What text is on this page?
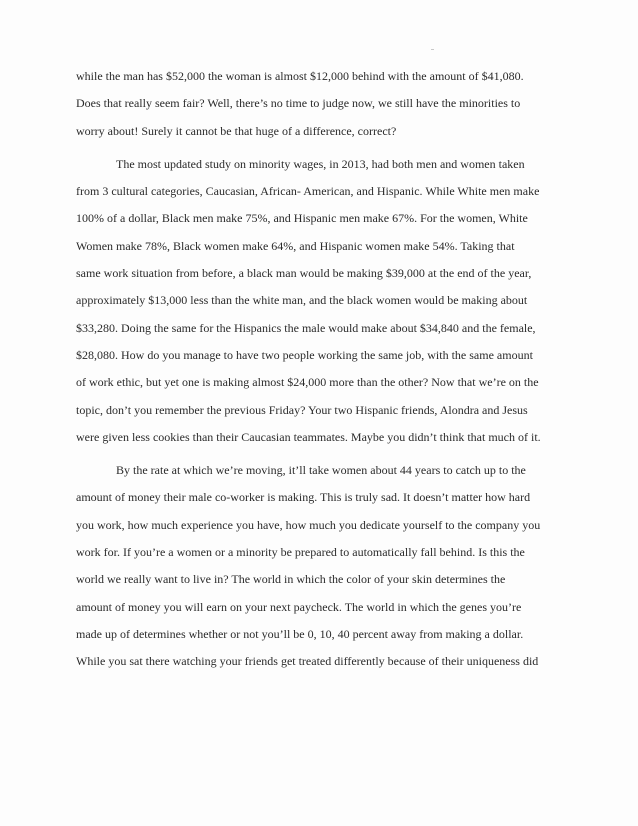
while the man has $52,000 the woman is almost $12,000 behind with the amount of $41,080.
Does that really seem fair? Well, there’s no time to judge now, we still have the minorities to
worry about! Surely it cannot be that huge of a difference, correct?
The most updated study on minority wages, in 2013, had both men and women taken
from 3 cultural categories, Caucasian, African- American, and Hispanic. While White men make
100% of a dollar, Black men make 75%, and Hispanic men make 67%. For the women, White
Women make 78%, Black women make 64%, and Hispanic women make 54%. Taking that
same work situation from before, a black man would be making $39,000 at the end of the year,
approximately $13,000 less than the white man, and the black women would be making about
$33,280. Doing the same for the Hispanics the male would make about $34,840 and the female,
$28,080. How do you manage to have two people working the same job, with the same amount
of work ethic, but yet one is making almost $24,000 more than the other? Now that we’re on the
topic, don’t you remember the previous Friday? Your two Hispanic friends, Alondra and Jesus
were given less cookies than their Caucasian teammates. Maybe you didn’t think that much of it.
By the rate at which we’re moving, it’ll take women about 44 years to catch up to the
amount of money their male co-worker is making. This is truly sad. It doesn’t matter how hard
you work, how much experience you have, how much you dedicate yourself to the company you
work for. If you’re a women or a minority be prepared to automatically fall behind. Is this the
world we really want to live in? The world in which the color of your skin determines the
amount of money you will earn on your next paycheck. The world in which the genes you’re
made up of determines whether or not you’ll be 0, 10, 40 percent away from making a dollar.
While you sat there watching your friends get treated differently because of their uniqueness did
